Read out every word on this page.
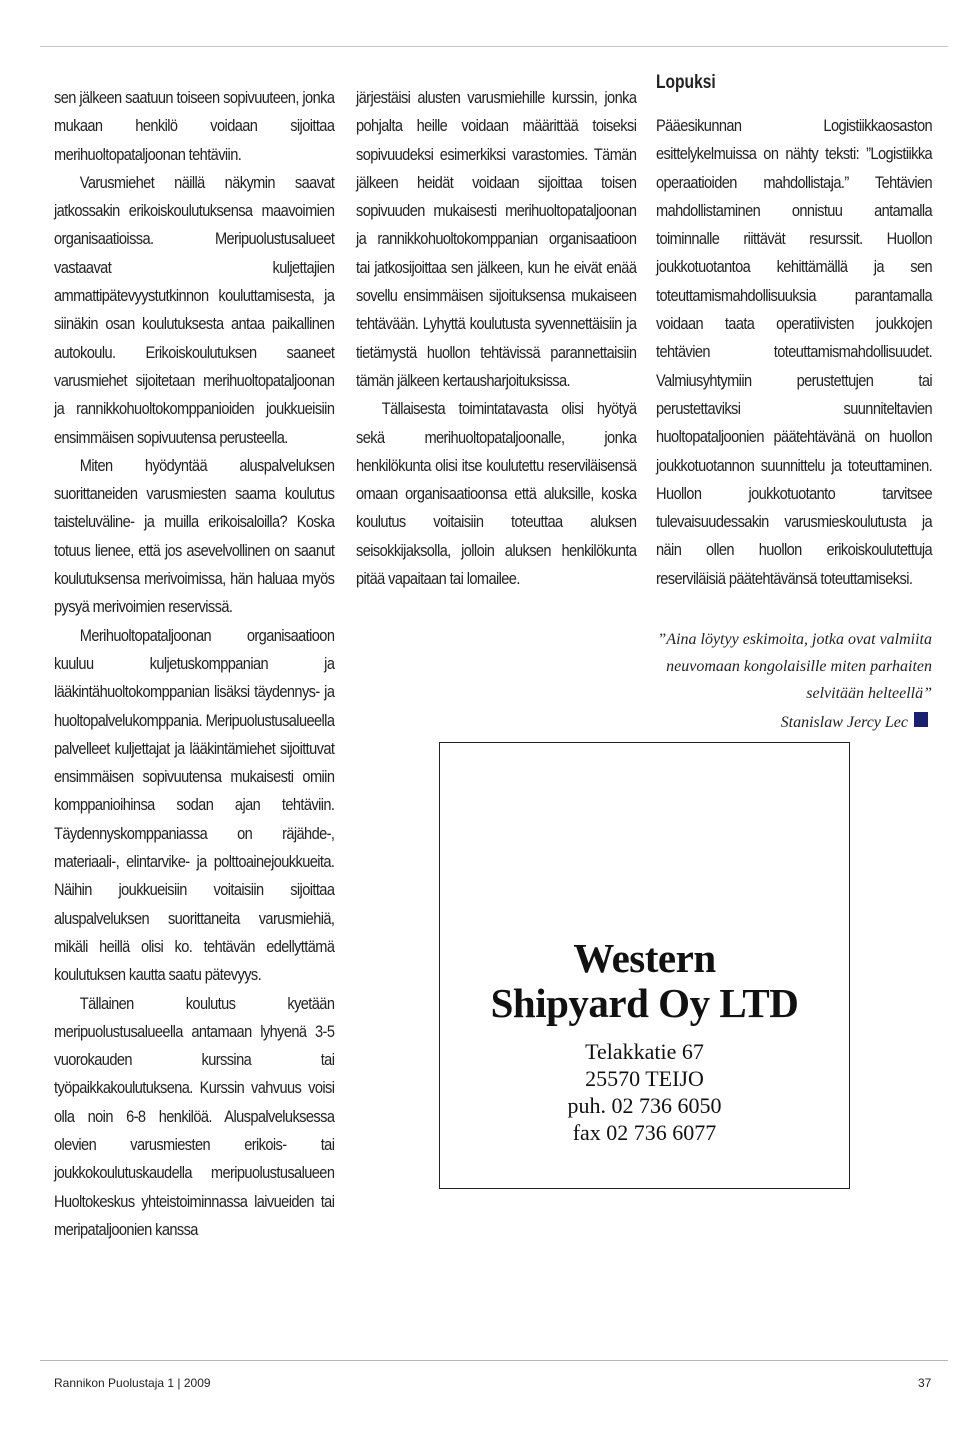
sen jälkeen saatuun toiseen sopivuuteen, jonka mukaan henkilö voidaan sijoittaa merihuoltopataljoonan tehtäviin.

Varusmiehet näillä näkymin saavat jatkossakin erikoiskoulutuksensa maavoimien organisaatioissa. Meripuolustusalueet vastaavat kuljettajien ammattipätevyystutkinnon kouluttamisesta, ja siinäkin osan koulutuksesta antaa paikallinen autokoulu. Erikoiskoulutuksen saaneet varusmiehet sijoitetaan merihuoltopataljoonan ja rannikkohuoltokomppanioiden joukkueisiin ensimmäisen sopivuutensa perusteella.

Miten hyödyntää aluspalveluksen suorittaneiden varusmiesten saama koulutus taisteluväline- ja muilla erikoisaloilla? Koska totuus lienee, että jos asevelvollinen on saanut koulutuksensa merivoimissa, hän haluaa myös pysyä merivoimien reservissä.

Merihuoltopataljoonan organisaatioon kuuluu kuljetuskomppanian ja lääkintähuoltokomppanian lisäksi täydennys- ja huoltopalvelukomppania. Meripuolustusalueella palvelleet kuljettajat ja lääkintämiehet sijoittuvat ensimmäisen sopivuutensa mukaisesti omiin komppanioihinsa sodan ajan tehtäviin. Täydennyskomppaniassa on räjähde-, materiaali-, elintarvike- ja polttoainejoukkueita. Näihin joukkueisiin voitaisiin sijoittaa aluspalveluksen suorittaneita varusmiehiä, mikäli heillä olisi ko. tehtävän edellyttämä koulutuksen kautta saatu pätevyys.

Tällainen koulutus kyetään meripuolustusalueella antamaan lyhyenä 3-5 vuorokauden kurssina tai työpaikkakoulutuksena. Kurssin vahvuus voisi olla noin 6-8 henkilöä. Aluspalveluksessa olevien varusmiesten erikois- tai joukkokoulutuskaudella meripuolustusalueen Huoltokeskus yhteistoiminnassa laivueiden tai meripataljoonien kanssa

järjestäisi alusten varusmiehille kurssin, jonka pohjalta heille voidaan määrittää toiseksi sopivuudeksi esimerkiksi varastomies. Tämän jälkeen heidät voidaan sijoittaa toisen sopivuuden mukaisesti merihuoltopataljoonan ja rannikkohuoltokomppanian organisaatioon tai jatkosijoittaa sen jälkeen, kun he eivät enää sovellu ensimmäisen sijoituksensa mukaiseen tehtävään. Lyhyttä koulutusta syvennettäisiin ja tietämystä huollon tehtävissä parannettaisiin tämän jälkeen kertausharjoituksissa.

Tällaisesta toimintatavasta olisi hyötyä sekä merihuoltopataljoonalle, jonka henkilökunta olisi itse koulutettu reserviläisensä omaan organisaatioonsa että aluksille, koska koulutus voitaisiin toteuttaa aluksen seisokkijaksolla, jolloin aluksen henkilökunta pitää vapaitaan tai lomailee.

Lopuksi

Pääesikunnan Logistiikkaosaston esittelykelmuissa on nähty teksti: ”Logistiikka operaatioiden mahdollistaja.” Tehtävien mahdollistaminen onnistuu antamalla toiminnalle riittävät resurssit. Huollon joukkotuotantoa kehittämällä ja sen toteuttamismahdollisuuksia parantamalla voidaan taata operatiivisten joukkojen tehtävien toteuttamismahdollisuudet. Valmiusyhtymiin perustettujen tai perustettaviksi suunniteltavien huoltopataljoonien päätehtävänä on huollon joukkotuotannon suunnittelu ja toteuttaminen. Huollon joukkotuotanto tarvitsee tulevaisuudessakin varusmieskoulutusta ja näin ollen huollon erikoiskoulutettuja reserviläisiä päätehtävänsä toteuttamiseksi.

”Aina löytyy eskimoita, jotka ovat valmiita neuvomaan kongolaisille miten parhaiten selvitään helteellä”
Stanislaw Jercy Lec
Western
Shipyard Oy LTD
Telakkatie 67
25570 TEIJO
puh. 02 736 6050
fax 02 736 6077
Rannikon Puolustaja 1 | 2009	37
